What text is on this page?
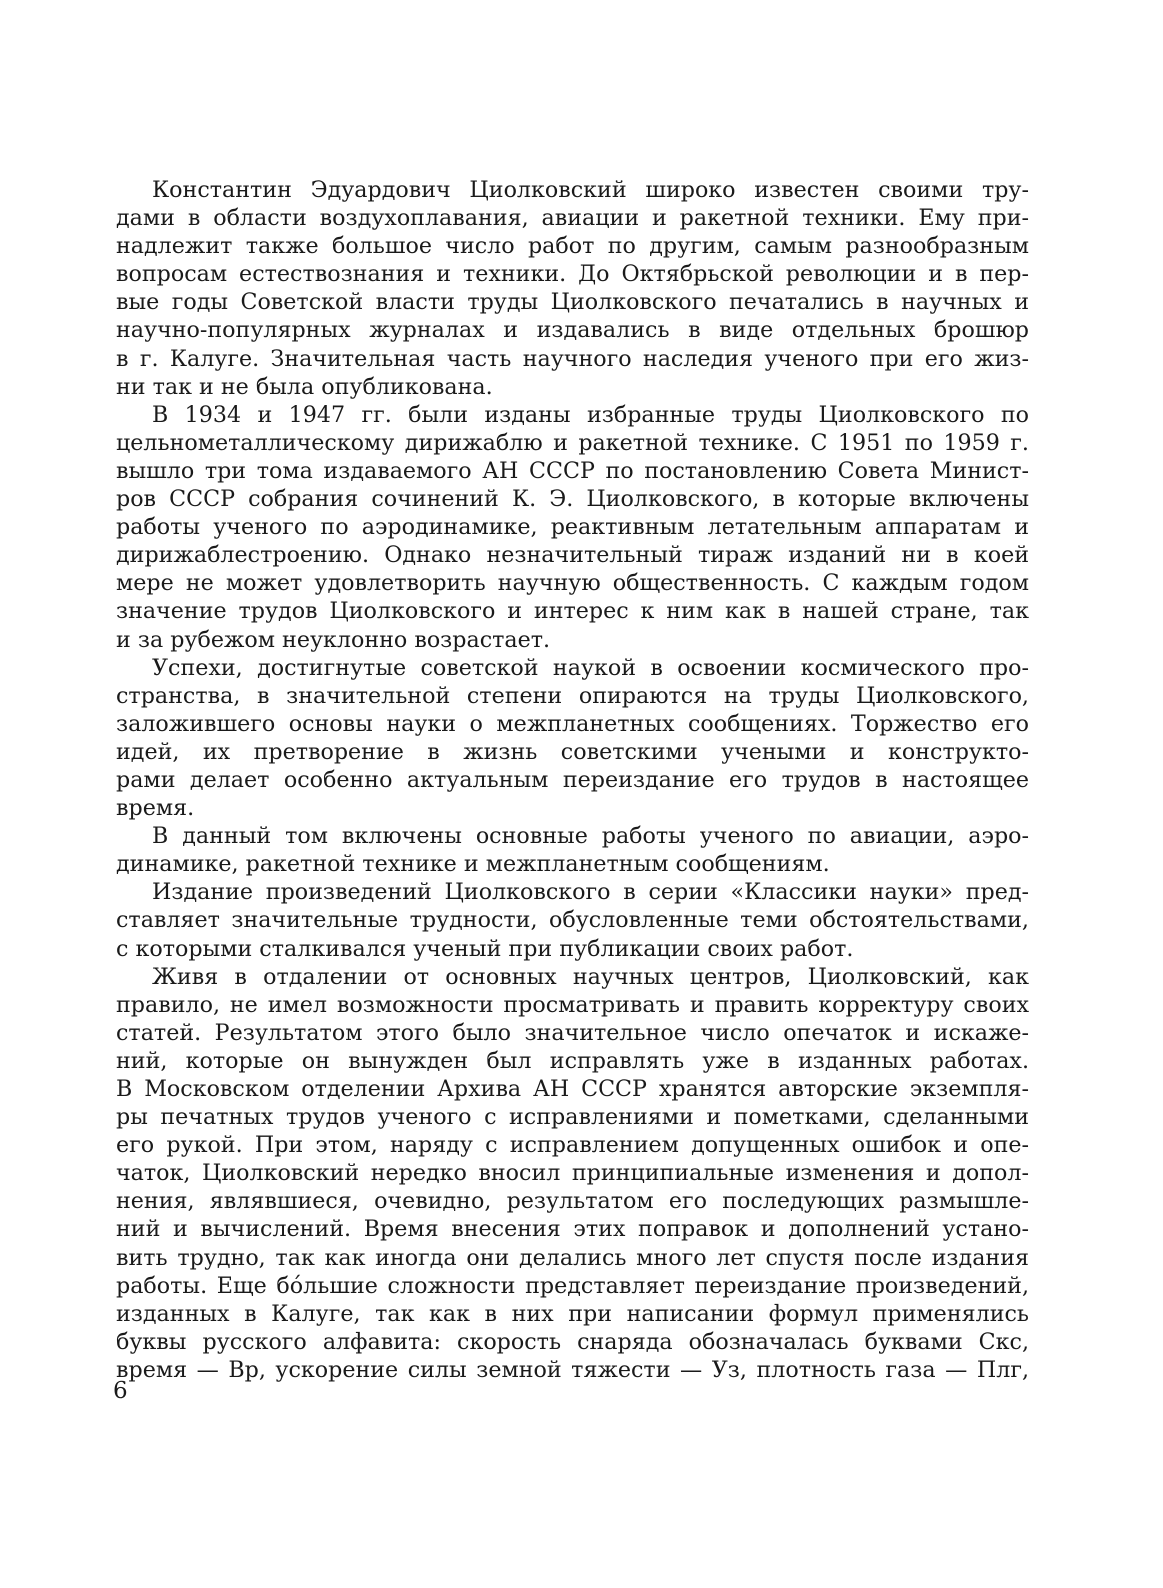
Константин Эдуардович Циолковский широко известен своими тру-
дами в области воздухоплавания, авиации и ракетной техники. Ему при-
надлежит также большое число работ по другим, самым разнообразным
вопросам естествознания и техники. До Октябрьской революции и в пер-
вые годы Советской власти труды Циолковского печатались в научных и
научно-популярных журналах и издавались в виде отдельных брошюр
в г. Калуге. Значительная часть научного наследия ученого при его жиз-
ни так и не была опубликована.
В 1934 и 1947 гг. были изданы избранные труды Циолковского по
цельнометаллическому дирижаблю и ракетной технике. С 1951 по 1959 г.
вышло три тома издаваемого АН СССР по постановлению Совета Минист-
ров СССР собрания сочинений К. Э. Циолковского, в которые включены
работы ученого по аэродинамике, реактивным летательным аппаратам и
дирижаблестроению. Однако незначительный тираж изданий ни в коей
мере не может удовлетворить научную общественность. С каждым годом
значение трудов Циолковского и интерес к ним как в нашей стране, так
и за рубежом неуклонно возрастает.
Успехи, достигнутые советской наукой в освоении космического про-
странства, в значительной степени опираются на труды Циолковского,
заложившего основы науки о межпланетных сообщениях. Торжество его
идей, их претворение в жизнь советскими учеными и конструкто-
рами делает особенно актуальным переиздание его трудов в настоящее
время.
В данный том включены основные работы ученого по авиации, аэро-
динамике, ракетной технике и межпланетным сообщениям.
Издание произведений Циолковского в серии «Классики науки» пред-
ставляет значительные трудности, обусловленные теми обстоятельствами,
с которыми сталкивался ученый при публикации своих работ.
Живя в отдалении от основных научных центров, Циолковский, как
правило, не имел возможности просматривать и править корректуру своих
статей. Результатом этого было значительное число опечаток и искаже-
ний, которые он вынужден был исправлять уже в изданных работах.
В Московском отделении Архива АН СССР хранятся авторские экземпля-
ры печатных трудов ученого с исправлениями и пометками, сделанными
его рукой. При этом, наряду с исправлением допущенных ошибок и опе-
чаток, Циолковский нередко вносил принципиальные изменения и допол-
нения, являвшиеся, очевидно, результатом его последующих размышле-
ний и вычислений. Время внесения этих поправок и дополнений устано-
вить трудно, так как иногда они делались много лет спустя после издания
работы. Еще бо́льшие сложности представляет переиздание произведений,
изданных в Калуге, так как в них при написании формул применялись
буквы русского алфавита: скорость снаряда обозначалась буквами Скс,
время — Вр, ускорение силы земной тяжести — Уз, плотность газа — Плг,
6
